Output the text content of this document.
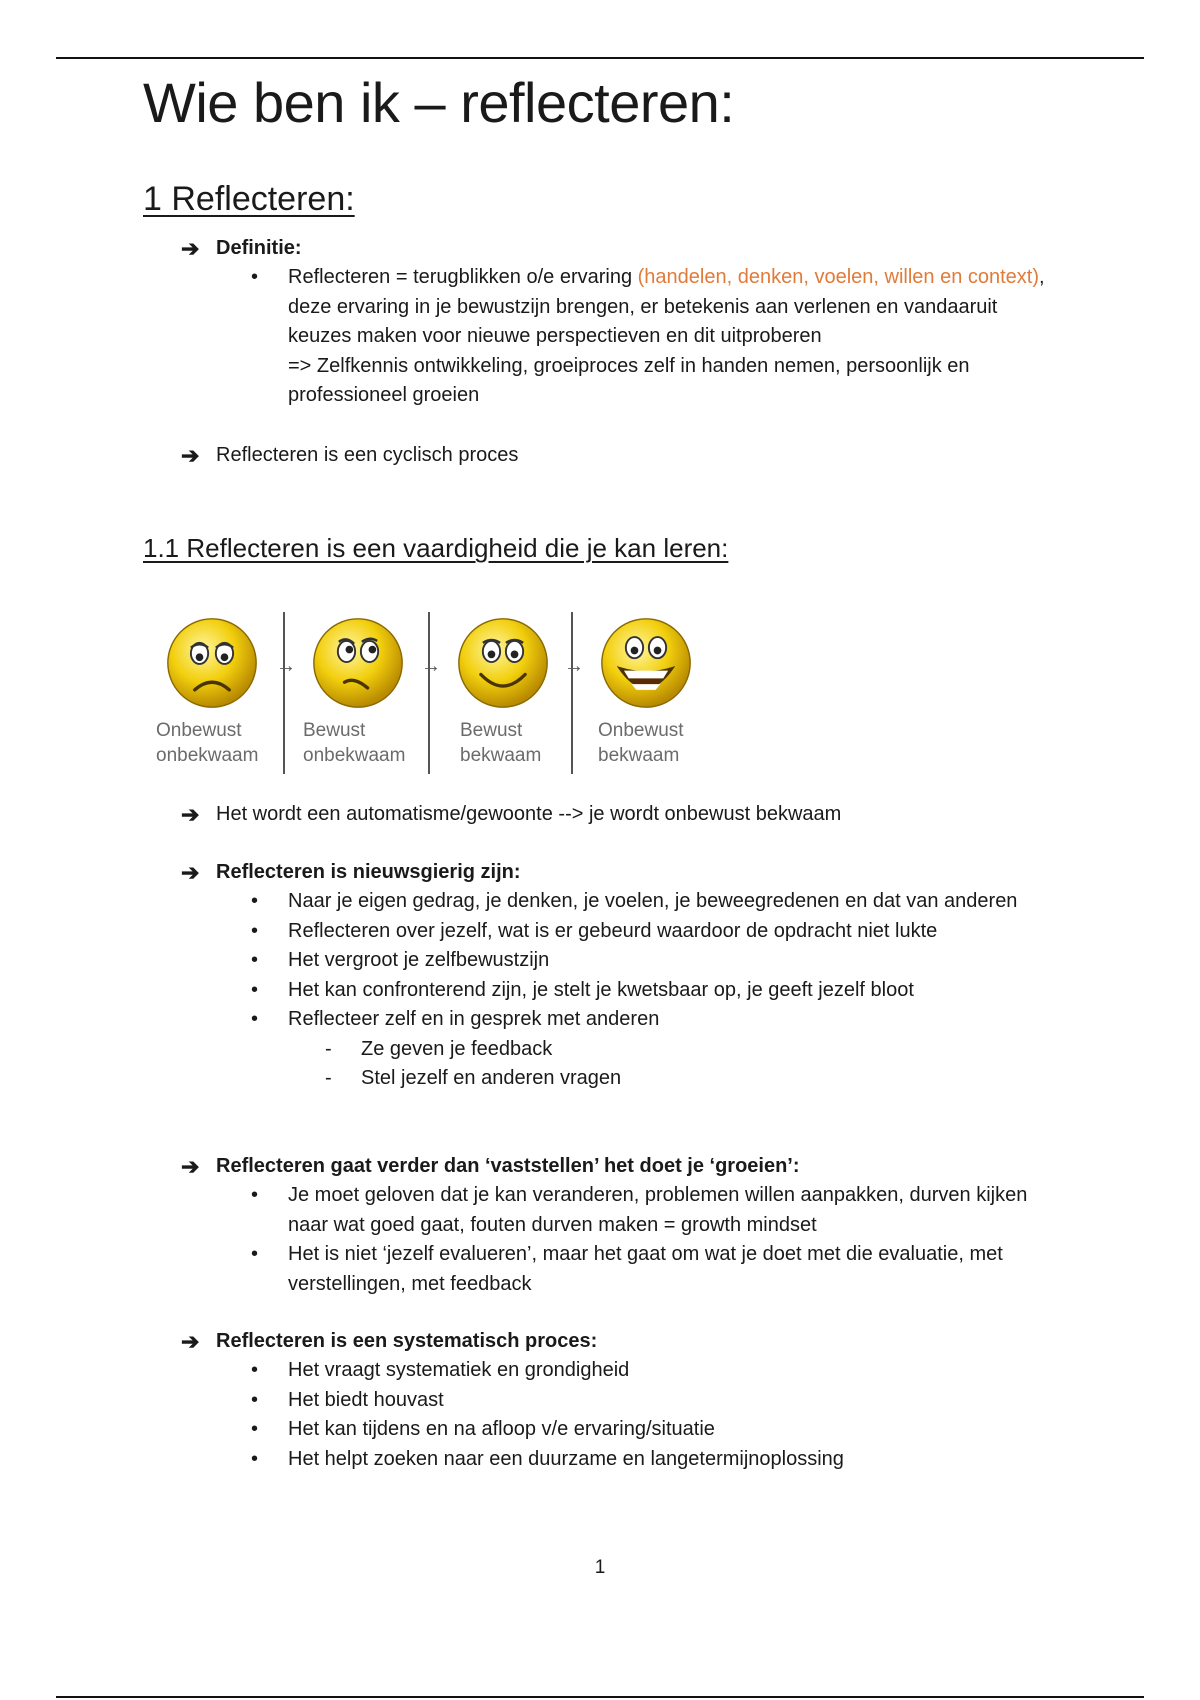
Wie ben ik – reflecteren:
1 Reflecteren:
➔ Definitie:
• Reflecteren = terugblikken o/e ervaring (handelen, denken, voelen, willen en context), deze ervaring in je bewustzijn brengen, er betekenis aan verlenen en vandaaruit keuzes maken voor nieuwe perspectieven en dit uitproberen
=> Zelfkennis ontwikkeling, groeiproces zelf in handen nemen, persoonlijk en professioneel groeien
➔ Reflecteren is een cyclisch proces
1.1 Reflecteren is een vaardigheid die je kan leren:
Onbewust
onbekwaam
→
Bewust
onbekwaam
→
Bewust
bekwaam
→
Onbewust
bekwaam
➔ Het wordt een automatisme/gewoonte --> je wordt onbewust bekwaam
➔ Reflecteren is nieuwsgierig zijn:
• Naar je eigen gedrag, je denken, je voelen, je beweegredenen en dat van anderen
• Reflecteren over jezelf, wat is er gebeurd waardoor de opdracht niet lukte
• Het vergroot je zelfbewustzijn
• Het kan confronterend zijn, je stelt je kwetsbaar op, je geeft jezelf bloot
• Reflecteer zelf en in gesprek met anderen
- Ze geven je feedback
- Stel jezelf en anderen vragen
➔ Reflecteren gaat verder dan ‘vaststellen’ het doet je ‘groeien’:
• Je moet geloven dat je kan veranderen, problemen willen aanpakken, durven kijken naar wat goed gaat, fouten durven maken = growth mindset
• Het is niet ‘jezelf evalueren’, maar het gaat om wat je doet met die evaluatie, met verstellingen, met feedback
➔ Reflecteren is een systematisch proces:
• Het vraagt systematiek en grondigheid
• Het biedt houvast
• Het kan tijdens en na afloop v/e ervaring/situatie
• Het helpt zoeken naar een duurzame en langetermijnoplossing
1
